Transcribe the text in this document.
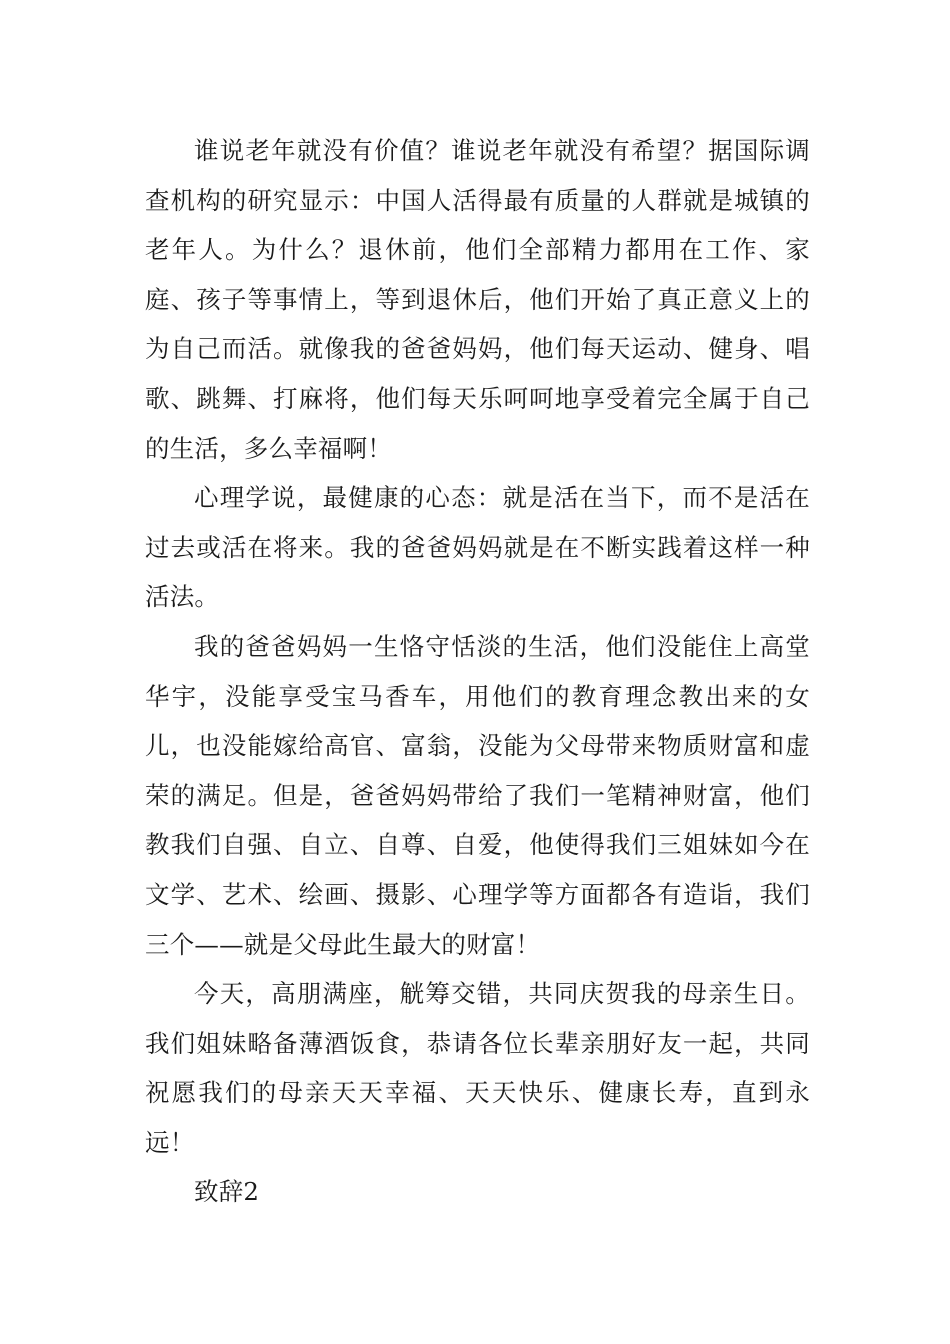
谁说老年就没有价值？谁说老年就没有希望？据国际调查机构的研究显示：中国人活得最有质量的人群就是城镇的老年人。为什么？退休前，他们全部精力都用在工作、家庭、孩子等事情上，等到退休后，他们开始了真正意义上的为自己而活。就像我的爸爸妈妈，他们每天运动、健身、唱歌、跳舞、打麻将，他们每天乐呵呵地享受着完全属于自己的生活，多么幸福啊！

心理学说，最健康的心态：就是活在当下，而不是活在过去或活在将来。我的爸爸妈妈就是在不断实践着这样一种活法。

我的爸爸妈妈一生恪守恬淡的生活，他们没能住上高堂华宇，没能享受宝马香车，用他们的教育理念教出来的女儿，也没能嫁给高官、富翁，没能为父母带来物质财富和虚荣的满足。但是，爸爸妈妈带给了我们一笔精神财富，他们教我们自强、自立、自尊、自爱，他使得我们三姐妹如今在文学、艺术、绘画、摄影、心理学等方面都各有造诣，我们三个——就是父母此生最大的财富！

今天，高朋满座，觥筹交错，共同庆贺我的母亲生日。我们姐妹略备薄酒饭食，恭请各位长辈亲朋好友一起，共同祝愿我们的母亲天天幸福、天天快乐、健康长寿，直到永远！

致辞2
